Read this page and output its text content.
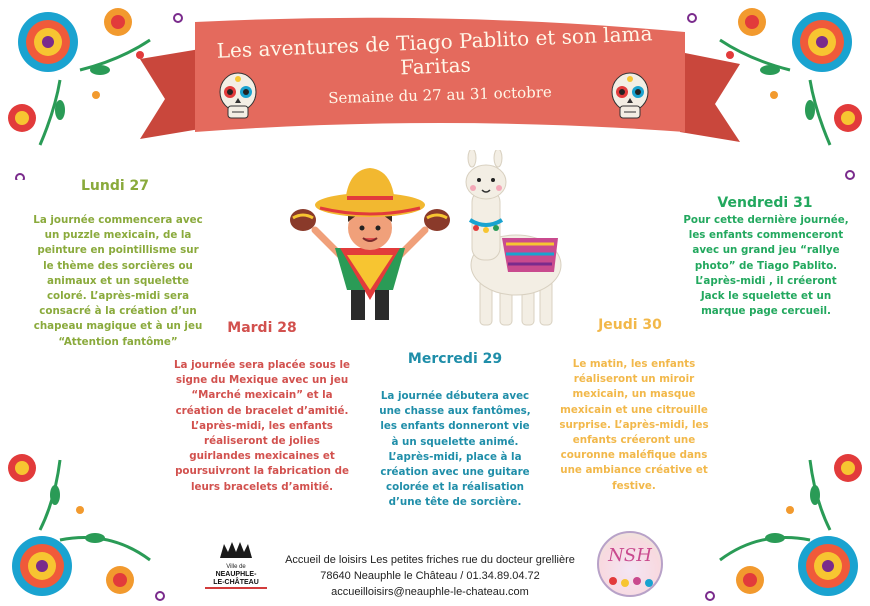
Les aventures de Tiago Pablito et son lama Faritas
Semaine du 27 au 31 octobre
Lundi 27
La journée commencera avec un puzzle mexicain, de la peinture en pointillisme sur le thème des sorcières ou animaux et un squelette coloré. L’après-midi sera consacré à la création d’un chapeau magique et à un jeu “Attention fantôme”
Mardi 28
La journée sera placée sous le signe du Mexique avec un jeu “Marché mexicain” et la création de bracelet d’amitié. L’après-midi, les enfants réaliseront de jolies guirlandes mexicaines et poursuivront la fabrication de leurs bracelets d’amitié.
Mercredi 29
La journée débutera avec une chasse aux fantômes, les enfants donneront vie à un squelette animé. L’après-midi, place à la création avec une guitare colorée et la réalisation d’une tête de sorcière.
Jeudi 30
Le matin, les enfants réaliseront un miroir mexicain, un masque mexicain et une citrouille surprise. L’après-midi, les enfants créeront une couronne maléfique dans une ambiance créative et festive.
Vendredi 31
Pour cette dernière journée, les enfants commenceront avec un grand jeu “rallye photo” de Tiago Pablito. L’après-midi , il créeront Jack le squelette et un marque page cercueil.
Ville de
NEAUPHLE-
LE-CHÂTEAU
Accueil de loisirs Les petites friches rue du docteur grellière
78640 Neauphle le Château / 01.34.89.04.72
accueilloisirs@neauphle-le-chateau.com
NSH
